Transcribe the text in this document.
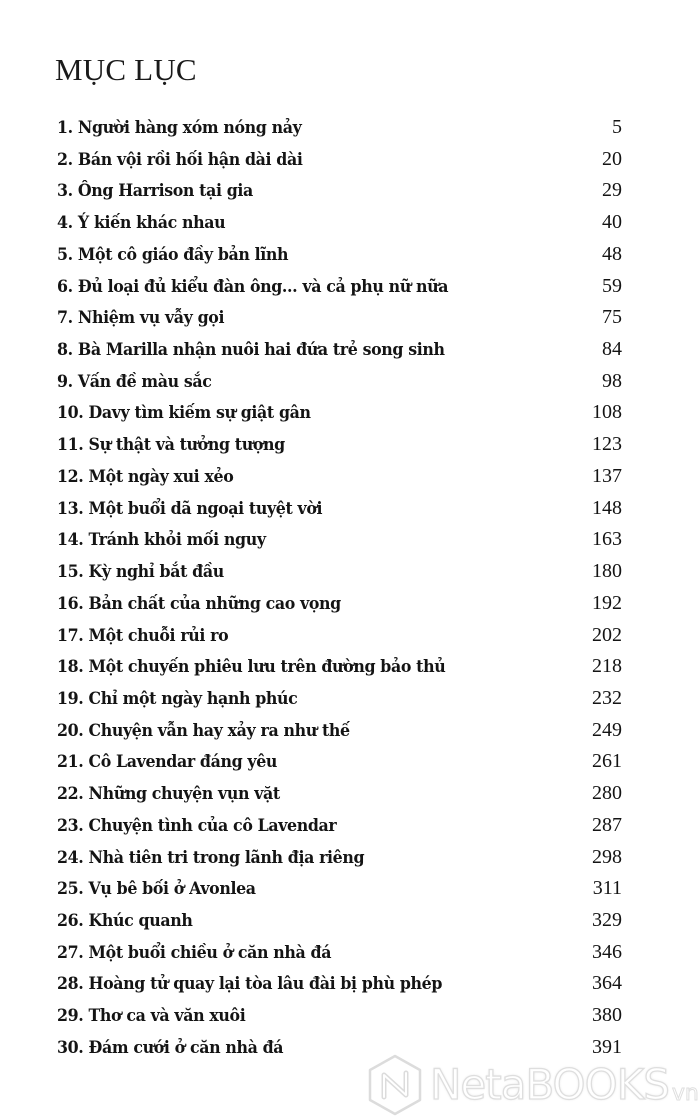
MỤC LỤC
1. Người hàng xóm nóng nảy	5
2. Bán vội rồi hối hận dài dài	20
3. Ông Harrison tại gia	29
4. Ý kiến khác nhau	40
5. Một cô giáo đầy bản lĩnh	48
6. Đủ loại đủ kiểu đàn ông... và cả phụ nữ nữa	59
7. Nhiệm vụ vẫy gọi	75
8. Bà Marilla nhận nuôi hai đứa trẻ song sinh	84
9. Vấn đề màu sắc	98
10. Davy tìm kiếm sự giật gân	108
11. Sự thật và tưởng tượng	123
12. Một ngày xui xẻo	137
13. Một buổi dã ngoại tuyệt vời	148
14. Tránh khỏi mối nguy	163
15. Kỳ nghỉ bắt đầu	180
16. Bản chất của những cao vọng	192
17. Một chuỗi rủi ro	202
18. Một chuyến phiêu lưu trên đường bảo thủ	218
19. Chỉ một ngày hạnh phúc	232
20. Chuyện vẫn hay xảy ra như thế	249
21. Cô Lavendar đáng yêu	261
22. Những chuyện vụn vặt	280
23. Chuyện tình của cô Lavendar	287
24. Nhà tiên tri trong lãnh địa riêng	298
25. Vụ bê bối ở Avonlea	311
26. Khúc quanh	329
27. Một buổi chiều ở căn nhà đá	346
28. Hoàng tử quay lại tòa lâu đài bị phù phép	364
29. Thơ ca và văn xuôi	380
30. Đám cưới ở căn nhà đá	391
NetaBOOKS vn
